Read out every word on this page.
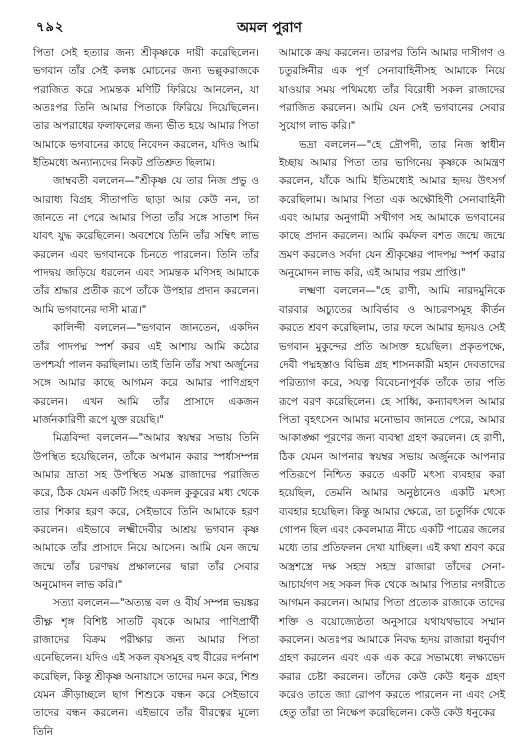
৭৯২	অমল পুরাণ

পিতা সেই হত্যার জন্য শ্রীকৃষ্ণকে দায়ী করেছিলেন। ভগবান তাঁর সেই কলঙ্ক মোচনের জন্য ভল্লুকরাজকে পরাজিত করে স্যমন্তক মণিটি ফিরিয়ে আনলেন, যা অতঃপর তিনি আমার পিতাকে ফিরিয়ে দিয়েছিলেন। তার অপরাধের ফলাফলের জন্য ভীত হয়ে আমার পিতা আমাকে ভগবানের কাছে নিবেদন করলেন, যদিও আমি ইতিমধ্যে অন্যান্যদের নিকট প্রতিশ্রুত ছিলাম।

জাম্ববতী বললেন—"শ্রীকৃষ্ণ যে তার নিজ প্রভু ও আরাধ্য বিগ্রহ সীতাপতি ছাড়া আর কেউ নন, তা জানতে না পেরে আমার পিতা তাঁর সঙ্গে সাতাশ দিন যাবৎ যুদ্ধ করেছিলেন। অবশেষে তিনি তাঁর সম্বিৎ লাভ করলেন এবং ভগবানকে চিনতে পারলেন। তিনি তাঁর পাদদ্বয় জড়িয়ে ধরলেন এবং স্যমন্তক মণিসহ আমাকে তাঁর শ্রদ্ধার প্রতীক রূপে তাঁকে উপহার প্রদান করলেন। আমি ভগবানের দাসী মাত্র।"

কালিন্দী বললেন—"ভগবান জানতেন, একদিন তাঁর পাদপদ্ম স্পর্শ করব এই আশায় আমি কঠোর তপশ্চর্যা পালন করছিলাম। তাই তিনি তাঁর সখা অর্জুনের সঙ্গে আমার কাছে আগমন করে আমার পাণিগ্রহণ করলেন। এখন আমি তাঁর প্রাসাদে একজন মার্জনকারিণী রূপে যুক্ত রয়েছি।"

মিত্রবিন্দা বললেন—"আমার স্বয়ম্বর সভায় তিনি উপস্থিত হয়েছিলেন, তাঁকে অপমান করার স্পর্ধাসম্পন্ন আমার ভ্রাতা সহ উপস্থিত সমস্ত রাজাদের পরাজিত করে, ঠিক যেমন একটি সিংহ একদল কুকুরের মধ্য থেকে তার শিকার হরণ করে, সেইভাবে তিনি আমাকে হরণ করলেন। এইভাবে লক্ষ্মীদেবীর আশ্রয় ভগবান কৃষ্ণ আমাকে তাঁর প্রাসাদে নিয়ে আসেন। আমি যেন জন্মে জন্মে তাঁর চরণদ্বয় প্রক্ষালনের দ্বারা তাঁর সেবার অনুমোদন লাভ করি।"

সত্যা বললেন—"অত্যন্ত বল ও বীর্য সম্পন্ন ভয়ঙ্কর তীক্ষ্ণ শৃঙ্গ বিশিষ্ট সাতটি বৃষকে আমার পাণিপ্রার্থী রাজাদের বিক্রম পরীক্ষার জন্য আমার পিতা এনেছিলেন। যদিও এই সকল বৃষসমূহ বহু বীরের দর্পনাশ করেছিল, কিন্তু শ্রীকৃষ্ণ অনায়াসে তাদের দমন করে, শিশু যেমন ক্রীড়াচ্ছলে ছাগ শিশুকে বন্ধন করে সেইভাবে তাদের বন্ধন করলেন। এইভাবে তাঁর বীরত্বের মূল্যে তিনি

আমাকে ক্রয় করলেন। তারপর তিনি আমার দাসীগণ ও চতুরঙ্গিনীর এক পূর্ণ সেনাবাহিনীসহ আমাকে নিয়ে যাওয়ার সময় পথিমধ্যে তাঁর বিরোধী সকল রাজাদের পরাজিত করলেন। আমি যেন সেই ভগবানের সেবার সুযোগ লাভ করি।"

ভদ্রা বললেন—"হে দ্রৌপদী, তার নিজ স্বাধীন ইচ্ছায় আমার পিতা তার ভাগিনেয় কৃষ্ণকে আমন্ত্রণ করলেন, যাঁকে আমি ইতিমধ্যেই আমার হৃদয় উৎসর্গ করেছিলাম। আমার পিতা এক অক্ষৌহিণী সেনাবাহিনী এবং আমার অনুগামী সখীগণ সহ আমাকে ভগবানের কাছে প্রদান করলেন। আমি কর্মফল বশত জন্মে জন্মে ভ্রমণ করলেও সর্বদা যেন শ্রীকৃষ্ণের পাদপদ্ম স্পর্শ করার অনুমোদন লাভ করি, এই আমার পরম প্রাপ্তি।"

লক্ষ্মণা বললেন—"হে রাণী, আমি নারদমুনিকে বারবার অচ্যুতের আবির্ভাব ও আচরণসমূহ কীর্তন করতে শ্রবণ করেছিলাম, তার ফলে আমার হৃদয়ও সেই ভগবান মুকুন্দের প্রতি আসক্ত হয়েছিল। প্রকৃতপক্ষে, দেবী পদ্মহস্তাও বিভিন্ন গ্রহ শাসনকারী মহান দেবতাদের পরিত্যাগ করে, সযত্ন বিবেচনাপূর্বক তাঁকে তার পতি রূপে বরণ করেছিলেন। হে সাধ্বি, কন্যাবৎসল আমার পিতা বৃহৎসেন আমার মনোভাব জানতে পেরে, আমার আকাঙ্ক্ষা পূরণের জন্য ব্যবস্থা গ্রহণ করলেন। হে রাণী, ঠিক যেমন আপনার স্বয়ম্বর সভায় অর্জুনকে আপনার পতিরূপে নিশ্চিত করতে একটি মৎস্য ব্যবহার করা হয়েছিল, তেমনি আমার অনুষ্ঠানেও একটি মৎস্য ব্যবহার হয়েছিল। কিন্তু আমার ক্ষেত্রে, তা চতুর্দিক থেকে গোপন ছিল এবং কেবলমাত্র নীচে একটি পাত্রের জলের মধ্যে তার প্রতিফলন দেখা যাচ্ছিল। এই কথা শ্রবণ করে অস্ত্রশস্ত্রে দক্ষ সহস্র সহস্র রাজারা তাঁদের সেনা-আচার্যগণ সহ সকল দিক থেকে আমার পিতার নগরীতে আগমন করলেন। আমার পিতা প্রত্যেক রাজাকে তাদের শক্তি ও বয়োজ্যেষ্ঠতা অনুসারে যথাযথভাবে সম্মান করলেন। অতঃপর আমাকে নিবদ্ধ হৃদয় রাজারা ধনুর্বাণ গ্রহণ করলেন এবং এক এক করে সভামধ্যে লক্ষ্যভেদ করার চেষ্টা করলেন। তাঁদের কেউ কেউ ধনুক গ্রহণ করেও তাতে জ্যা রোপণ করতে পারলেন না এবং সেই হেতু তাঁরা তা নিক্ষেপ করেছিলেন। কেউ কেউ ধনুকের
